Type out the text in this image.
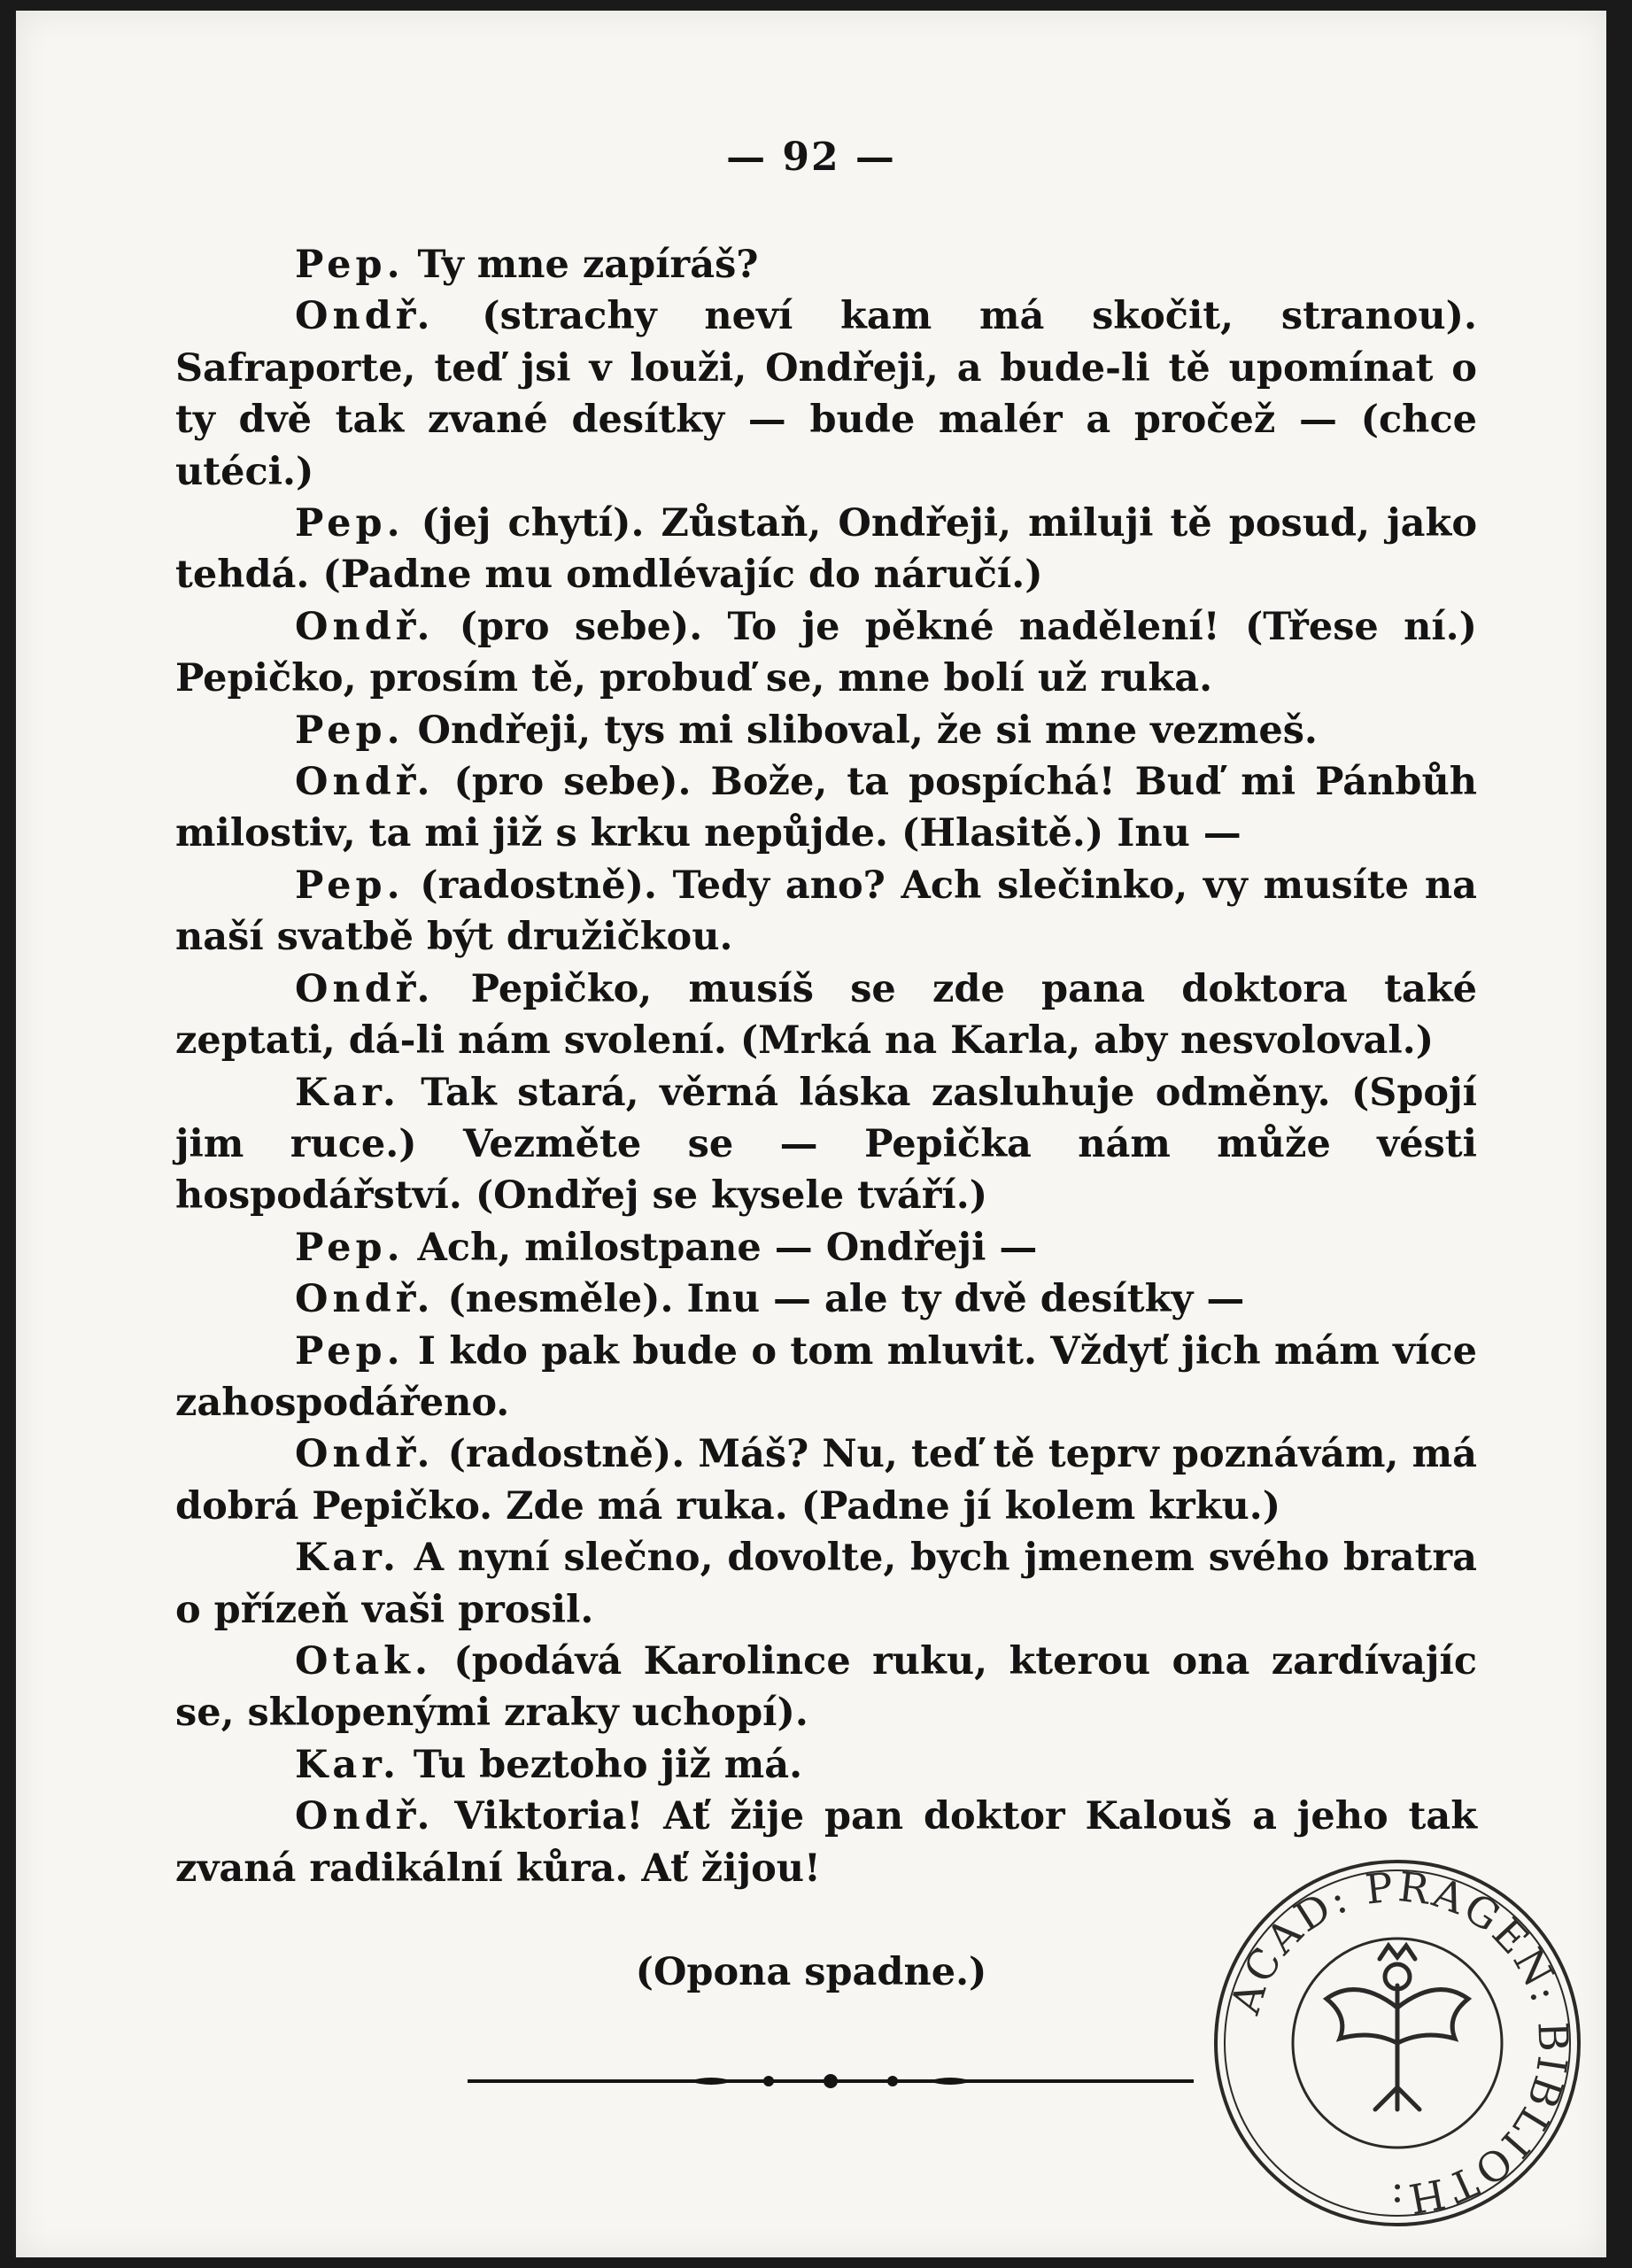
— 92 —

Pep. Ty mne zapíráš?

Ondř. (strachy neví kam má skočit, stranou). Safraporte, teď jsi v louži, Ondřeji, a bude-li tě upomínat o ty dvě tak zvané desítky — bude malér a pročež — (chce utéci.)

Pep. (jej chytí). Zůstaň, Ondřeji, miluji tě posud, jako tehdá. (Padne mu omdlévajíc do náručí.)

Ondř. (pro sebe). To je pěkné nadělení! (Třese ní.) Pepičko, prosím tě, probuď se, mne bolí už ruka.

Pep. Ondřeji, tys mi sliboval, že si mne vezmeš.

Ondř. (pro sebe). Bože, ta pospíchá! Buď mi Pánbůh milostiv, ta mi již s krku nepůjde. (Hlasitě.) Inu —

Pep. (radostně). Tedy ano? Ach slečinko, vy musíte na naší svatbě být družičkou.

Ondř. Pepičko, musíš se zde pana doktora také zeptati, dá-li nám svolení. (Mrká na Karla, aby nesvoloval.)

Kar. Tak stará, věrná láska zasluhuje odměny. (Spojí jim ruce.) Vezměte se — Pepička nám může vésti hospodářství. (Ondřej se kysele tváří.)

Pep. Ach, milostpane — Ondřeji —

Ondř. (nesměle). Inu — ale ty dvě desítky —

Pep. I kdo pak bude o tom mluvit. Vždyť jich mám více zahospodářeno.

Ondř. (radostně). Máš? Nu, teď tě teprv poznávám, má dobrá Pepičko. Zde má ruka. (Padne jí kolem krku.)

Kar. A nyní slečno, dovolte, bych jmenem svého bratra o přízeň vaši prosil.

Otak. (podává Karolince ruku, kterou ona zardívajíc se, sklopenými zraky uchopí).

Kar. Tu beztoho již má.

Ondř. Viktoria! Ať žije pan doktor Kalouš a jeho tak zvaná radikální kůra. Ať žijou!

(Opona spadne.)
ACAD: PRAGEN: BIBLIOTH:
